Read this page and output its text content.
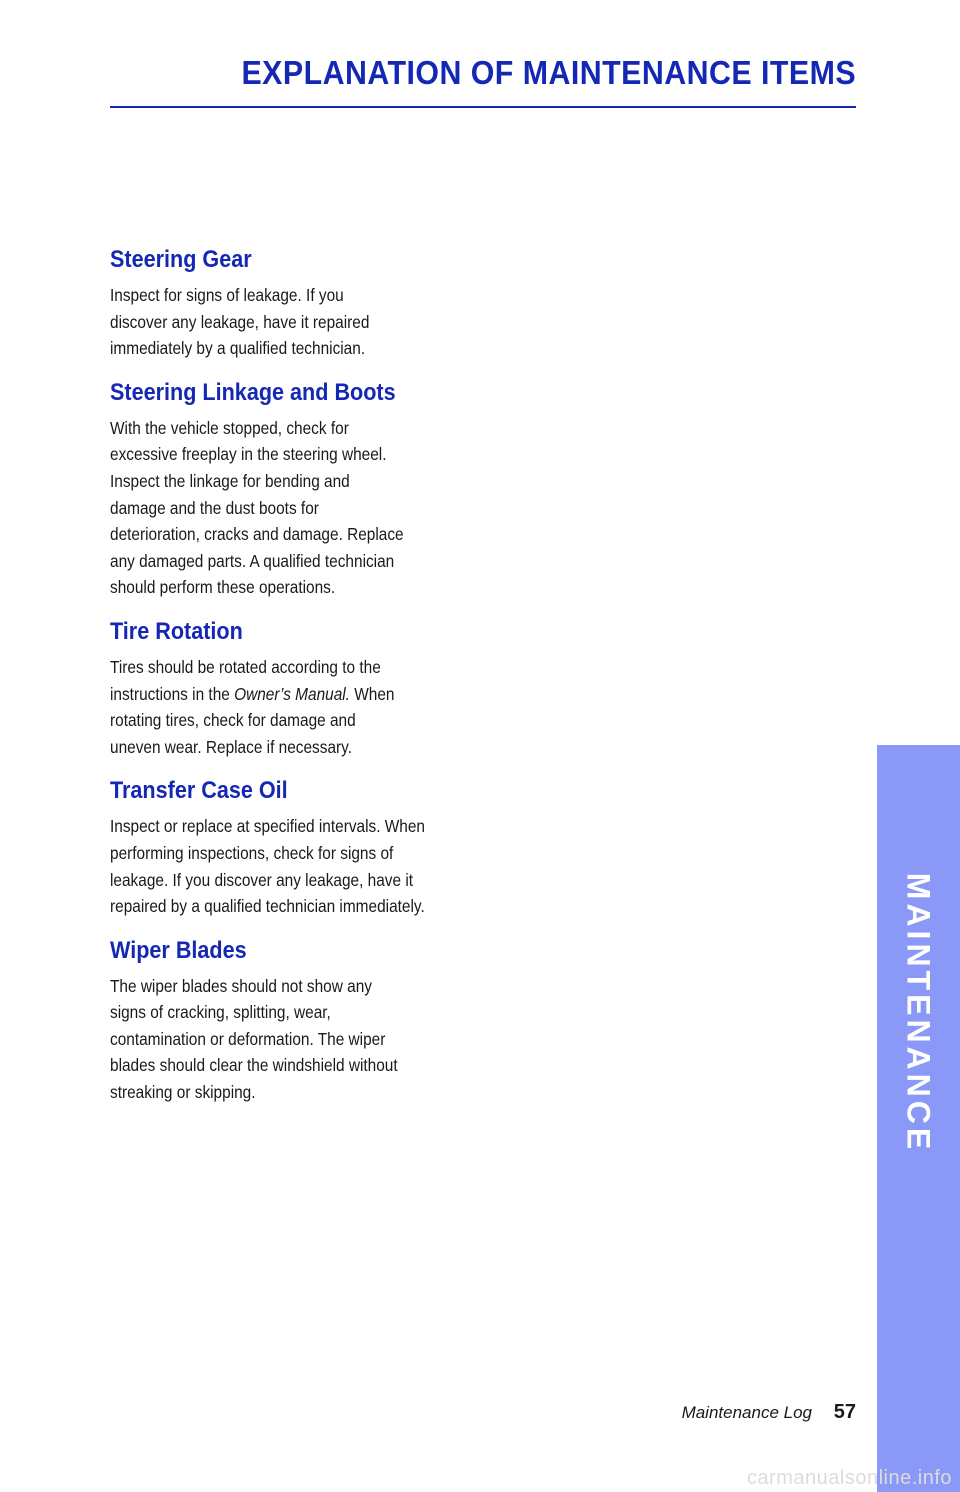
EXPLANATION OF MAINTENANCE ITEMS
Steering Gear
Inspect for signs of leakage. If you
discover any leakage, have it repaired
immediately by a qualified technician.
Steering Linkage and Boots
With the vehicle stopped, check for
excessive freeplay in the steering wheel.
Inspect the linkage for bending and
damage and the dust boots for
deterioration, cracks and damage. Replace
any damaged parts. A qualified technician
should perform these operations.
Tire Rotation
Tires should be rotated according to the
instructions in the Owner’s Manual. When
rotating tires, check for damage and
uneven wear. Replace if necessary.
Transfer Case Oil
Inspect or replace at specified intervals. When
performing inspections, check for signs of
leakage. If you discover any leakage, have it
repaired by a qualified technician immediately.
Wiper Blades
The wiper blades should not show any
signs of cracking, splitting, wear,
contamination or deformation. The wiper
blades should clear the windshield without
streaking or skipping.	MAINTENANCE
Maintenance Log 57
carmanualsonline.info
